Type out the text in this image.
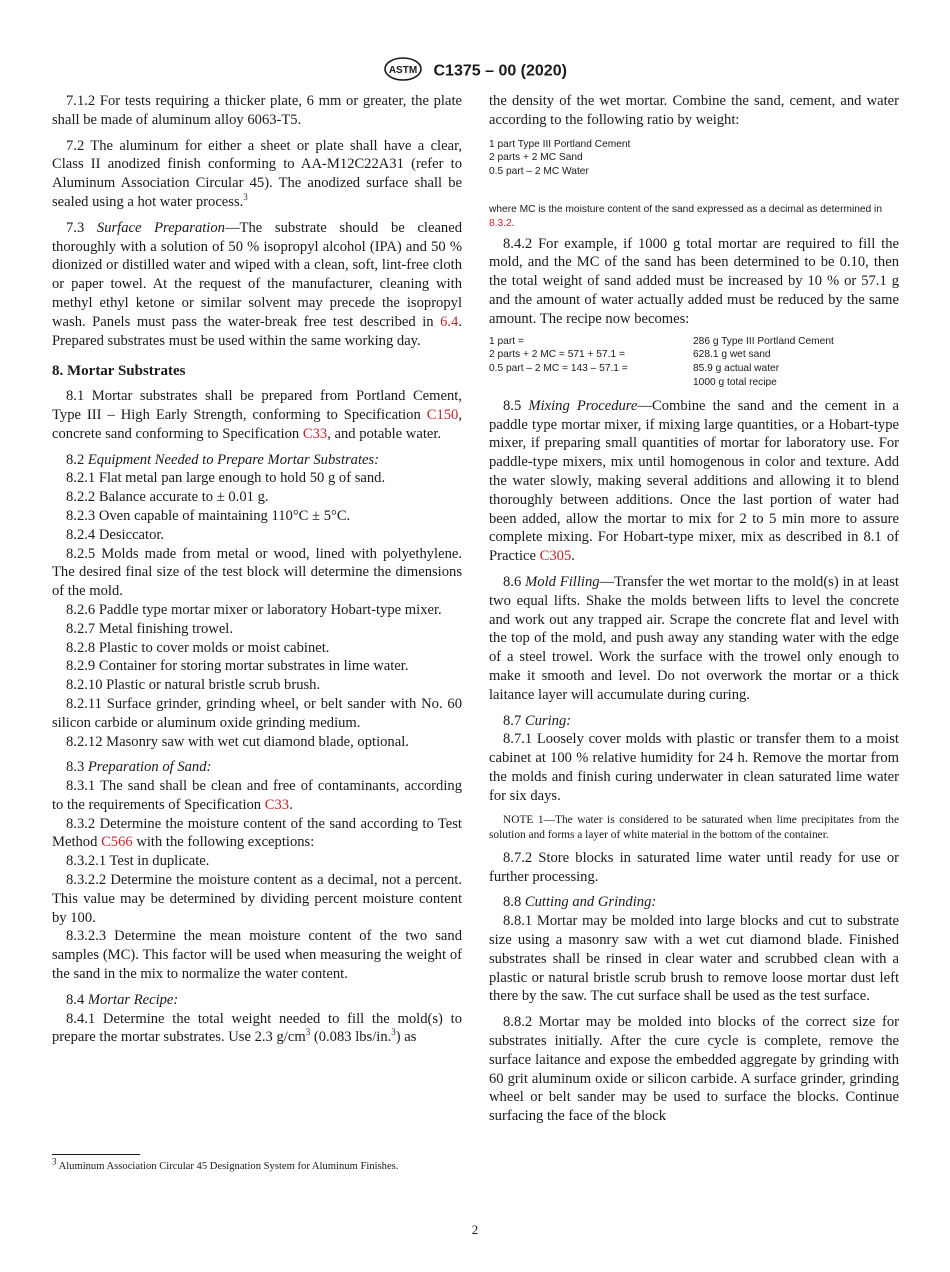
ASTM C1375 – 00 (2020)

7.1.2 For tests requiring a thicker plate, 6 mm or greater, the plate shall be made of aluminum alloy 6063-T5.

7.2 The aluminum for either a sheet or plate shall have a clear, Class II anodized finish conforming to AA-M12C22A31 (refer to Aluminum Association Circular 45). The anodized surface shall be sealed using a hot water process.$^3$

7.3 Surface Preparation—The substrate should be cleaned thoroughly with a solution of 50 % isopropyl alcohol (IPA) and 50 % dionized or distilled water and wiped with a clean, soft, lint-free cloth or paper towel. At the request of the manufacturer, cleaning with methyl ethyl ketone or similar solvent may precede the isopropyl wash. Panels must pass the water-break free test described in 6.4. Prepared substrates must be used within the same working day.

8. Mortar Substrates

8.1 Mortar substrates shall be prepared from Portland Cement, Type III – High Early Strength, conforming to Specification C150, concrete sand conforming to Specification C33, and potable water.

8.2 Equipment Needed to Prepare Mortar Substrates:

8.2.1 Flat metal pan large enough to hold 50 g of sand.

8.2.2 Balance accurate to ± 0.01 g.

8.2.3 Oven capable of maintaining 110°C ± 5°C.

8.2.4 Desiccator.

8.2.5 Molds made from metal or wood, lined with polyethylene. The desired final size of the test block will determine the dimensions of the mold.

8.2.6 Paddle type mortar mixer or laboratory Hobart-type mixer.

8.2.7 Metal finishing trowel.

8.2.8 Plastic to cover molds or moist cabinet.

8.2.9 Container for storing mortar substrates in lime water.

8.2.10 Plastic or natural bristle scrub brush.

8.2.11 Surface grinder, grinding wheel, or belt sander with No. 60 silicon carbide or aluminum oxide grinding medium.

8.2.12 Masonry saw with wet cut diamond blade, optional.

8.3 Preparation of Sand:

8.3.1 The sand shall be clean and free of contaminants, according to the requirements of Specification C33.

8.3.2 Determine the moisture content of the sand according to Test Method C566 with the following exceptions:

8.3.2.1 Test in duplicate.

8.3.2.2 Determine the moisture content as a decimal, not a percent. This value may be determined by dividing percent moisture content by 100.

8.3.2.3 Determine the mean moisture content of the two sand samples (MC). This factor will be used when measuring the weight of the sand in the mix to normalize the water content.

8.4 Mortar Recipe:

8.4.1 Determine the total weight needed to fill the mold(s) to prepare the mortar substrates. Use 2.3 $g/cm^3$ (0.083 lbs/in.$^3$) as

the density of the wet mortar. Combine the sand, cement, and water according to the following ratio by weight:

1 part Type III Portland Cement
2 parts + 2 MC Sand
0.5 part – 2 MC Water

where MC is the moisture content of the sand expressed as a decimal as determined in 8.3.2.

8.4.2 For example, if 1000 g total mortar are required to fill the mold, and the MC of the sand has been determined to be 0.10, then the total weight of sand added must be increased by 10 % or 57.1 g and the amount of water actually added must be reduced by the same amount. The recipe now becomes:

1 part =	286 g Type III Portland Cement
2 parts + 2 MC = 571 + 57.1 =	628.1 g wet sand
0.5 part – 2 MC = 143 – 57.1 =	85.9 g actual water
1000 g total recipe

8.5 Mixing Procedure—Combine the sand and the cement in a paddle type mortar mixer, if mixing large quantities, or a Hobart-type mixer, if preparing small quantities of mortar for laboratory use. For paddle-type mixers, mix until homogenous in color and texture. Add the water slowly, making several additions and allowing it to blend thoroughly between additions. Once the last portion of water had been added, allow the mortar to mix for 2 to 5 min more to assure complete mixing. For Hobart-type mixer, mix as described in 8.1 of Practice C305.

8.6 Mold Filling—Transfer the wet mortar to the mold(s) in at least two equal lifts. Shake the molds between lifts to level the concrete and work out any trapped air. Scrape the concrete flat and level with the top of the mold, and push away any standing water with the edge of a steel trowel. Work the surface with the trowel only enough to make it smooth and level. Do not overwork the mortar or a thick laitance layer will accumulate during curing.

8.7 Curing:

8.7.1 Loosely cover molds with plastic or transfer them to a moist cabinet at 100 % relative humidity for 24 h. Remove the mortar from the molds and finish curing underwater in clean saturated lime water for six days.

NOTE 1—The water is considered to be saturated when lime precipitates from the solution and forms a layer of white material in the bottom of the container.

8.7.2 Store blocks in saturated lime water until ready for use or further processing.

8.8 Cutting and Grinding:

8.8.1 Mortar may be molded into large blocks and cut to substrate size using a masonry saw with a wet cut diamond blade. Finished substrates shall be rinsed in clear water and scrubbed clean with a plastic or natural bristle scrub brush to remove loose mortar dust left there by the saw. The cut surface shall be used as the test surface.

8.8.2 Mortar may be molded into blocks of the correct size for substrates initially. After the cure cycle is complete, remove the surface laitance and expose the embedded aggregate by grinding with 60 grit aluminum oxide or silicon carbide. A surface grinder, grinding wheel or belt sander may be used to surface the blocks. Continue surfacing the face of the block

$^3$ Aluminum Association Circular 45 Designation System for Aluminum Finishes.
2
